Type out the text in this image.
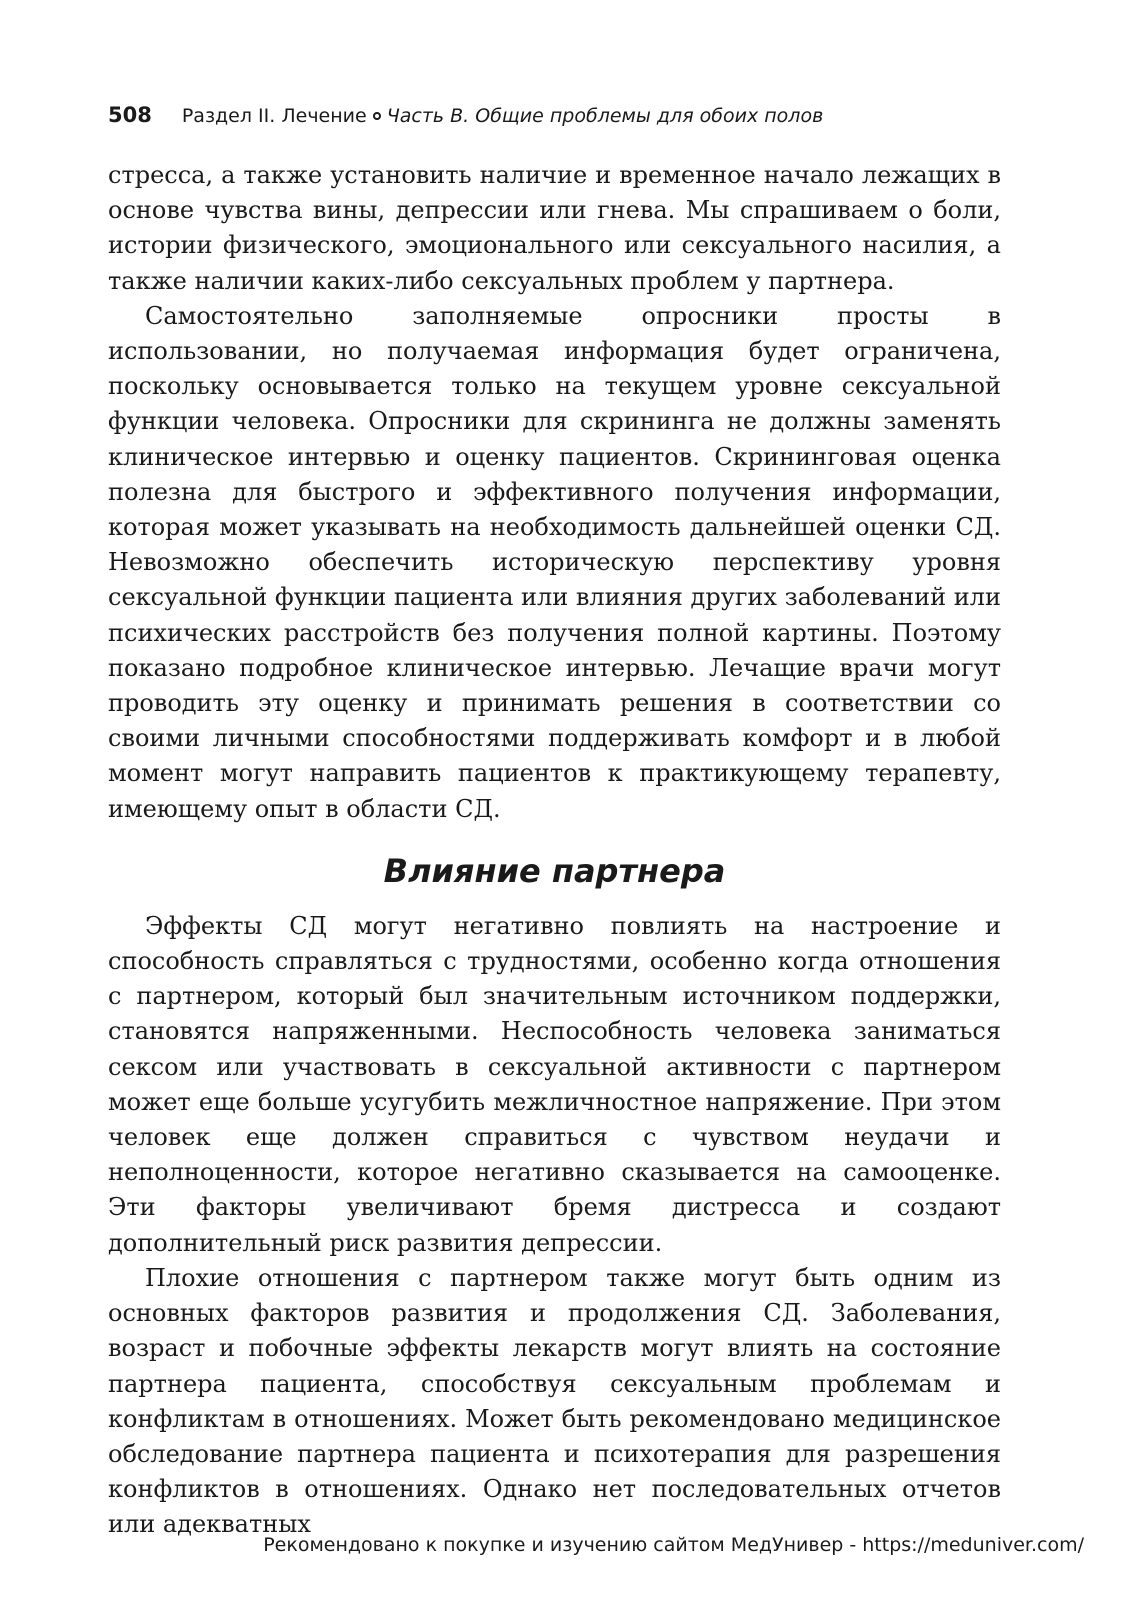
508 Раздел II. Лечение Часть B. Общие проблемы для обоих полов

стресса, а также установить наличие и временное начало лежащих в основе чувства вины, депрессии или гнева. Мы спрашиваем о боли, истории физического, эмоционального или сексуального насилия, а также наличии каких-либо сексуальных проблем у партнера.

Самостоятельно заполняемые опросники просты в использовании, но получаемая информация будет ограничена, поскольку основывается только на текущем уровне сексуальной функции человека. Опросники для скрининга не должны заменять клиническое интервью и оценку пациентов. Скрининговая оценка полезна для быстрого и эффективного получения информации, которая может указывать на необходимость дальнейшей оценки СД. Невозможно обеспечить историческую перспективу уровня сексуальной функции пациента или влияния других заболеваний или психических расстройств без получения полной картины. Поэтому показано подробное клиническое интервью. Лечащие врачи могут проводить эту оценку и принимать решения в соответствии со своими личными способностями поддерживать комфорт и в любой момент могут направить пациентов к практикующему терапевту, имеющему опыт в области СД.

Влияние партнера

Эффекты СД могут негативно повлиять на настроение и способность справляться с трудностями, особенно когда отношения с партнером, который был значительным источником поддержки, становятся напряженными. Неспособность человека заниматься сексом или участвовать в сексуальной активности с партнером может еще больше усугубить межличностное напряжение. При этом человек еще должен справиться с чувством неудачи и неполноценности, которое негативно сказывается на самооценке. Эти факторы увеличивают бремя дистресса и создают дополнительный риск развития депрессии.

Плохие отношения с партнером также могут быть одним из основных факторов развития и продолжения СД. Заболевания, возраст и побочные эффекты лекарств могут влиять на состояние партнера пациента, способствуя сексуальным проблемам и конфликтам в отношениях. Может быть рекомендовано медицинское обследование партнера пациента и психотерапия для разрешения конфликтов в отношениях. Однако нет последовательных отчетов или адекватных

Рекомендовано к покупке и изучению сайтом МедУнивер - https://meduniver.com/
